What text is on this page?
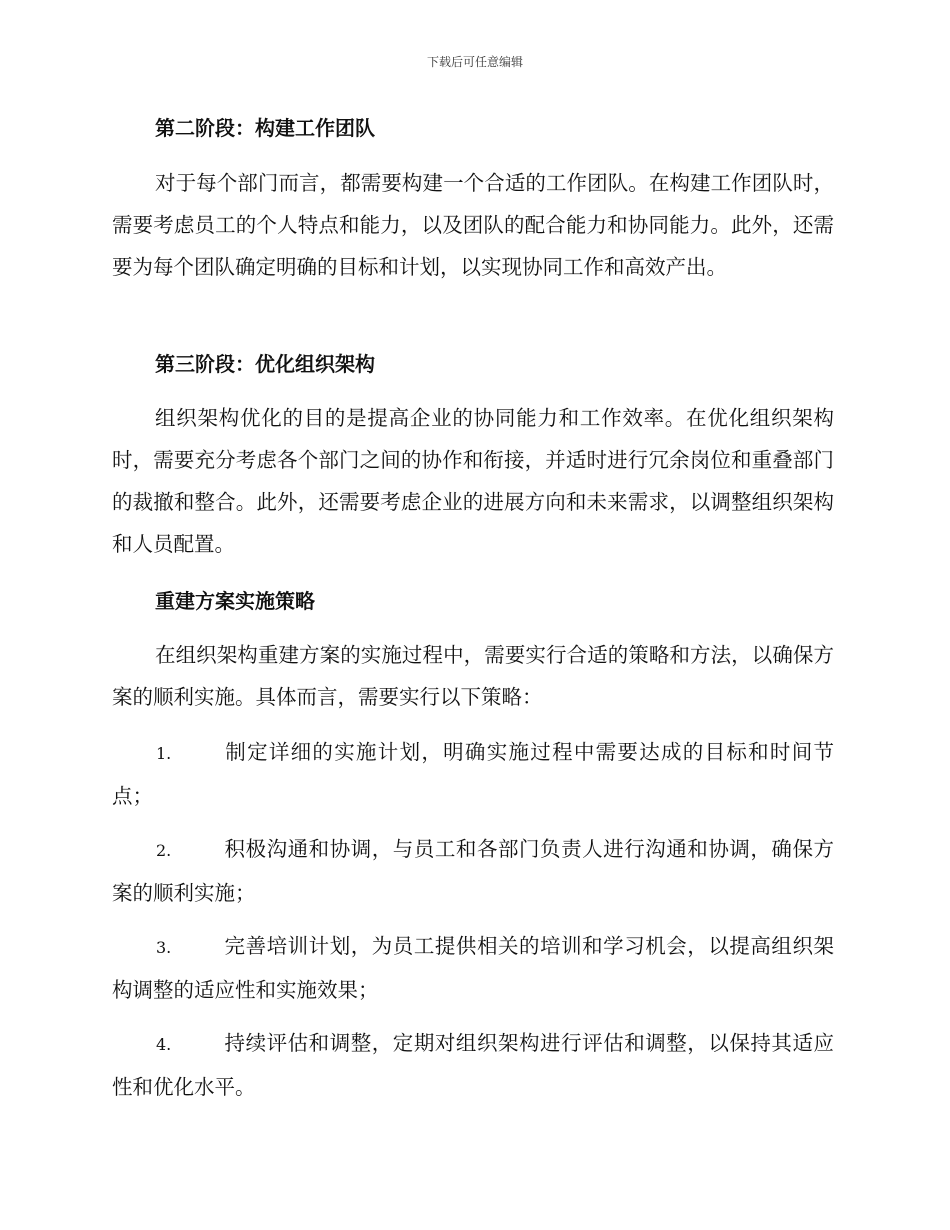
下载后可任意编辑
第二阶段：构建工作团队

对于每个部门而言，都需要构建一个合适的工作团队。在构建工作团队时，需要考虑员工的个人特点和能力，以及团队的配合能力和协同能力。此外，还需要为每个团队确定明确的目标和计划，以实现协同工作和高效产出。

第三阶段：优化组织架构

组织架构优化的目的是提高企业的协同能力和工作效率。在优化组织架构时，需要充分考虑各个部门之间的协作和衔接，并适时进行冗余岗位和重叠部门的裁撤和整合。此外，还需要考虑企业的进展方向和未来需求，以调整组织架构和人员配置。

重建方案实施策略

在组织架构重建方案的实施过程中，需要实行合适的策略和方法，以确保方案的顺利实施。具体而言，需要实行以下策略：

1.	制定详细的实施计划，明确实施过程中需要达成的目标和时间节点；

2.	积极沟通和协调，与员工和各部门负责人进行沟通和协调，确保方案的顺利实施；

3.	完善培训计划，为员工提供相关的培训和学习机会，以提高组织架构调整的适应性和实施效果；

4.	持续评估和调整，定期对组织架构进行评估和调整，以保持其适应性和优化水平。
